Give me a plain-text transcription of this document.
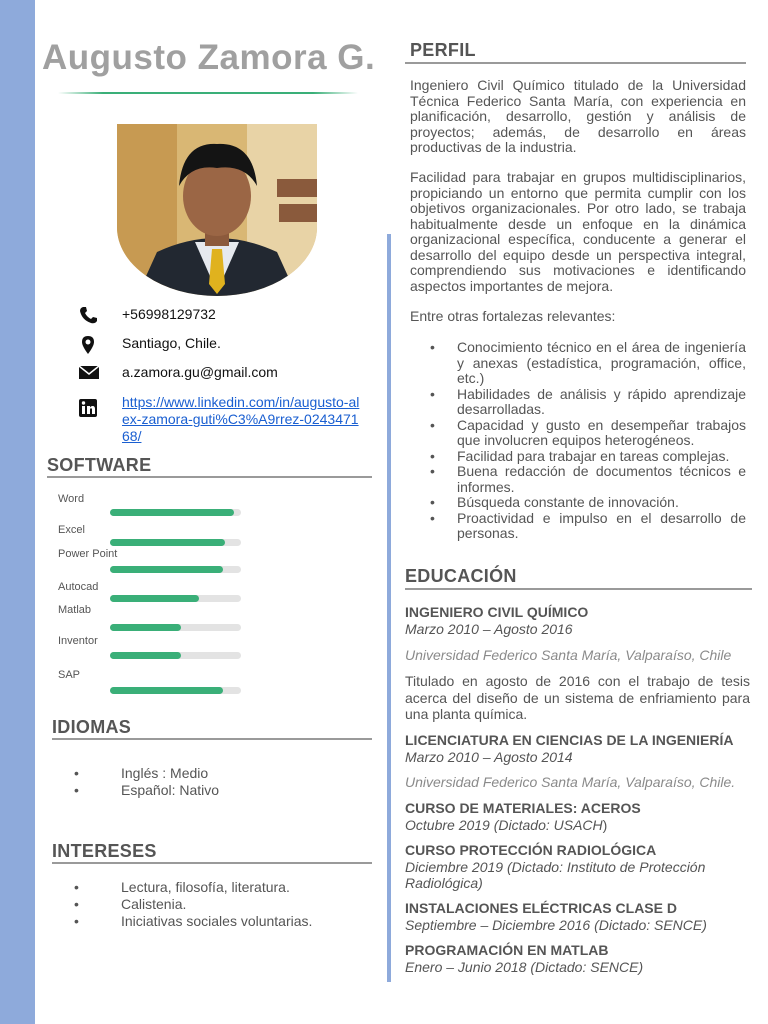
Augusto Zamora G.
+56998129732
Santiago, Chile.
a.zamora.gu@gmail.com
https://www.linkedin.com/in/augusto-alex-zamora-guti%C3%A9rrez-024347168/
SOFTWARE
Word
Excel
Power Point
Autocad
Matlab
Inventor
SAP
IDIOMAS
• Inglés : Medio
• Español: Nativo
INTERESES
• Lectura, filosofía, literatura.
• Calistenia.
• Iniciativas sociales voluntarias.
PERFIL
Ingeniero Civil Químico titulado de la Universidad Técnica Federico Santa María, con experiencia en planificación, desarrollo, gestión y análisis de proyectos; además, de desarrollo en áreas productivas de la industria.
Facilidad para trabajar en grupos multidisciplinarios, propiciando un entorno que permita cumplir con los objetivos organizacionales. Por otro lado, se trabaja habitualmente desde un enfoque en la dinámica organizacional específica, conducente a generar el desarrollo del equipo desde un perspectiva integral, comprendiendo sus motivaciones e identificando aspectos importantes de mejora.
Entre otras fortalezas relevantes:
• Conocimiento técnico en el área de ingeniería y anexas (estadística, programación, office, etc.)
• Habilidades de análisis y rápido aprendizaje desarrolladas.
• Capacidad y gusto en desempeñar trabajos que involucren equipos heterogéneos.
• Facilidad para trabajar en tareas complejas.
• Buena redacción de documentos técnicos e informes.
• Búsqueda constante de innovación.
• Proactividad e impulso en el desarrollo de personas.
EDUCACIÓN
INGENIERO CIVIL QUÍMICO
Marzo 2010 – Agosto 2016
Universidad Federico Santa María, Valparaíso, Chile
Titulado en agosto de 2016 con el trabajo de tesis acerca del diseño de un sistema de enfriamiento para una planta química.
LICENCIATURA EN CIENCIAS DE LA INGENIERÍA
Marzo 2010 – Agosto 2014
Universidad Federico Santa María, Valparaíso, Chile.
CURSO DE MATERIALES: ACEROS
Octubre 2019 (Dictado: USACH)
CURSO PROTECCIÓN RADIOLÓGICA
Diciembre 2019 (Dictado: Instituto de Protección Radiológica)
INSTALACIONES ELÉCTRICAS CLASE D
Septiembre – Diciembre 2016 (Dictado: SENCE)
PROGRAMACIÓN EN MATLAB
Enero – Junio 2018 (Dictado: SENCE)
